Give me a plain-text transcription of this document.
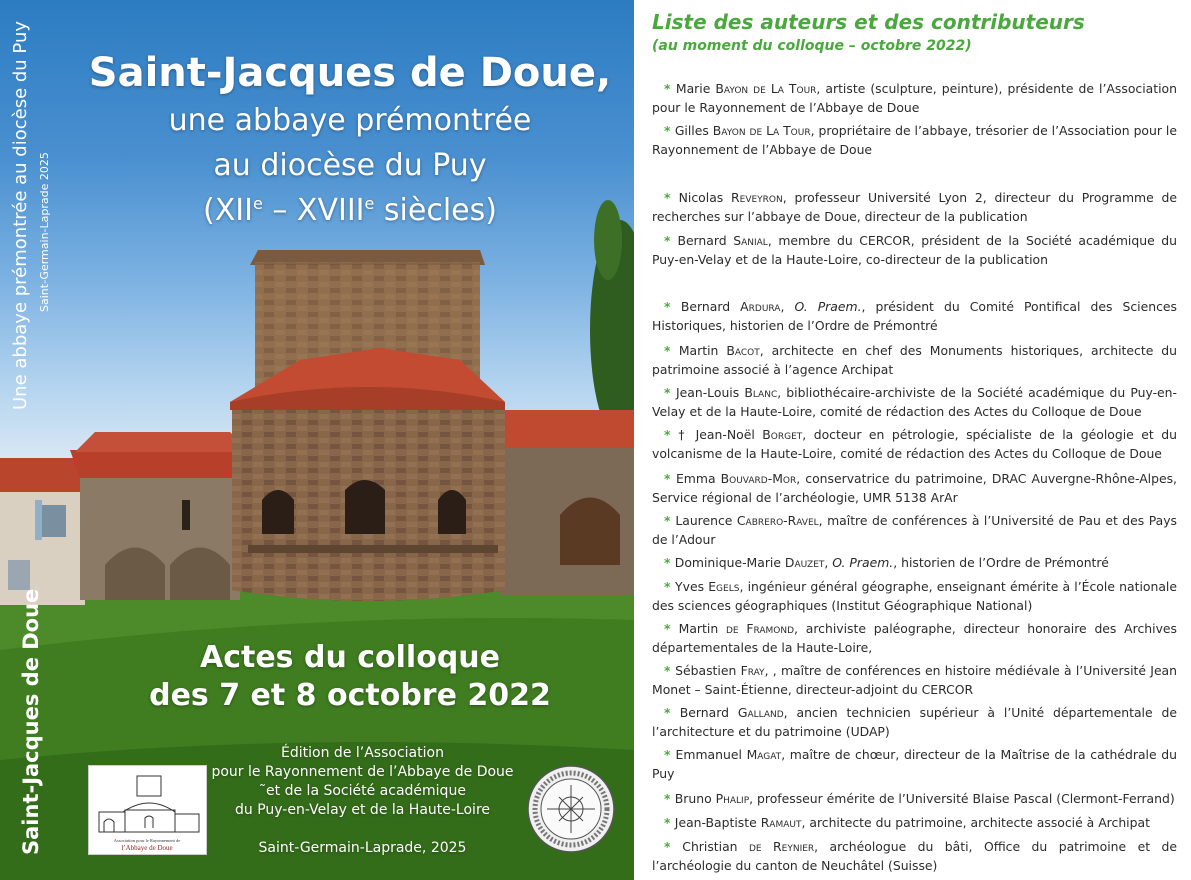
Saint-Jacques de Doue,
une abbaye prémontrée
au diocèse du Puy
(XIIe – XVIIIe siècles)
Actes du colloque
des 7 et 8 octobre 2022
Édition de l’Association
pour le Rayonnement de l’Abbaye de Doue
˜et de la Société académique
du Puy-en-Velay et de la Haute-Loire
Saint-Germain-Laprade, 2025
Une abbaye prémontrée au diocèse du Puy Saint-Germain-Laprade 2025
Saint-Jacques de Doue	Association pour le Rayonnement de
l’Abbaye de Doue
Liste des auteurs et des contributeurs
(au moment du colloque – octobre 2022)
* Marie Bayon de La Tour, artiste (sculpture, peinture), présidente de l’Association pour le Rayonnement de l’Abbaye de Doue
* Gilles Bayon de La Tour, propriétaire de l’abbaye, trésorier de l’Association pour le Rayonnement de l’Abbaye de Doue
* Nicolas Reveyron, professeur Université Lyon 2, directeur du Programme de recherches sur l’abbaye de Doue, directeur de la publication
* Bernard Sanial, membre du CERCOR, président de la Société académique du Puy-en-Velay et de la Haute-Loire, co-directeur de la publication
* Bernard Ardura, O. Praem., président du Comité Pontifical des Sciences Historiques, historien de l’Ordre de Prémontré
* Martin Bacot, architecte en chef des Monuments historiques, architecte du patrimoine associé à l’agence Archipat
* Jean-Louis Blanc, bibliothécaire-archiviste de la Société académique du Puy-en-Velay et de la Haute-Loire, comité de rédaction des Actes du Colloque de Doue
* † Jean-Noël Borget, docteur en pétrologie, spécialiste de la géologie et du volcanisme de la Haute-Loire, comité de rédaction des Actes du Colloque de Doue
* Emma Bouvard-Mor, conservatrice du patrimoine, DRAC Auvergne-Rhône-Alpes, Service régional de l’archéologie, UMR 5138 ArAr
* Laurence Cabrero-Ravel, maître de conférences à l’Université de Pau et des Pays de l’Adour
* Dominique-Marie Dauzet, O. Praem., historien de l’Ordre de Prémontré
* Yves Egels, ingénieur général géographe, enseignant émérite à l’École nationale des sciences géographiques (Institut Géographique National)
* Martin de Framond, archiviste paléographe, directeur honoraire des Archives départementales de la Haute-Loire,
* Sébastien Fray, , maître de conférences en histoire médiévale à l’Université Jean Monet – Saint-Étienne, directeur-adjoint du CERCOR
* Bernard Galland, ancien technicien supérieur à l’Unité départementale de l’architecture et du patrimoine (UDAP)
* Emmanuel Magat, maître de chœur, directeur de la Maîtrise de la cathédrale du Puy
* Bruno Phalip, professeur émérite de l’Université Blaise Pascal (Clermont-Ferrand)
* Jean-Baptiste Ramaut, architecte du patrimoine, architecte associé à Archipat
* Christian de Reynier, archéologue du bâti, Office du patrimoine et de l’archéologie du canton de Neuchâtel (Suisse)
